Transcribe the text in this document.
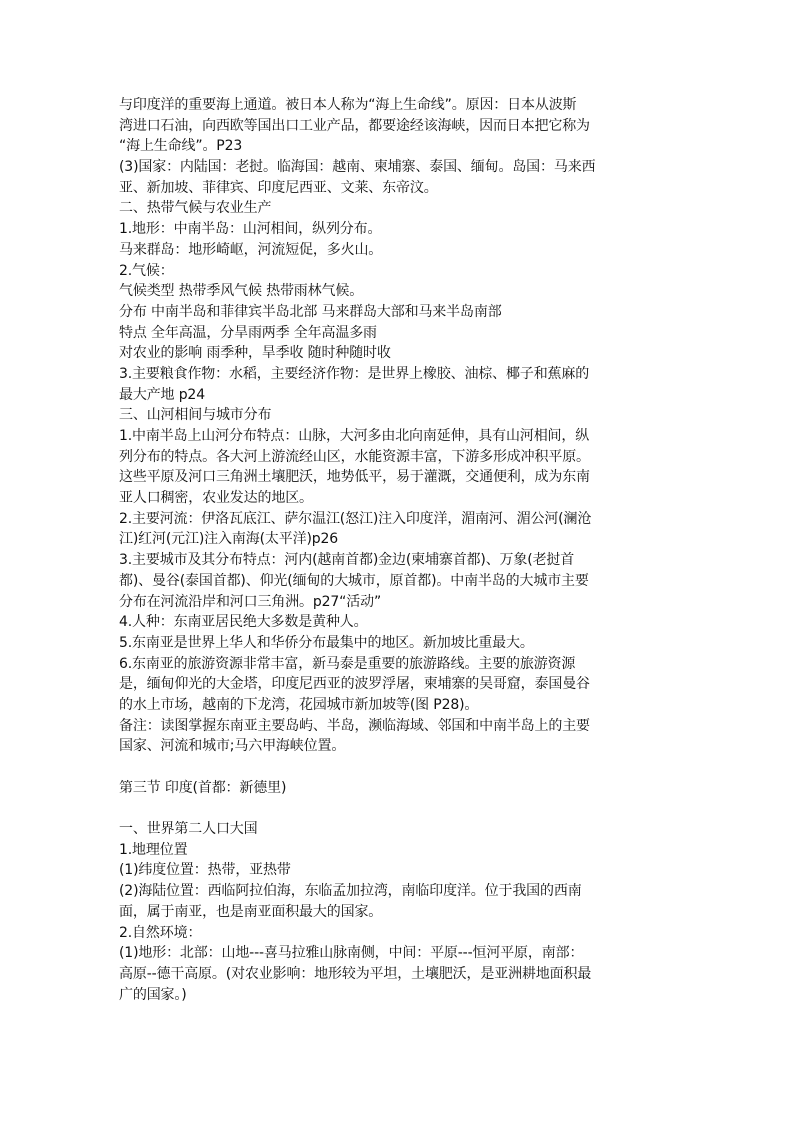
与印度洋的重要海上通道。被日本人称为“海上生命线”。原因：日本从波斯
湾进口石油，向西欧等国出口工业产品，都要途经该海峡，因而日本把它称为
“海上生命线”。P23
(3)国家：内陆国：老挝。临海国：越南、柬埔寨、泰国、缅甸。岛国：马来西
亚、新加坡、菲律宾、印度尼西亚、文莱、东帝汶。
二、热带气候与农业生产
1.地形：中南半岛：山河相间，纵列分布。
马来群岛：地形崎岖，河流短促，多火山。
2.气候：
气候类型 热带季风气候 热带雨林气候。
分布 中南半岛和菲律宾半岛北部 马来群岛大部和马来半岛南部
特点 全年高温，分旱雨两季 全年高温多雨
对农业的影响 雨季种，旱季收 随时种随时收
3.主要粮食作物：水稻，主要经济作物：是世界上橡胶、油棕、椰子和蕉麻的
最大产地 p24
三、山河相间与城市分布
1.中南半岛上山河分布特点：山脉，大河多由北向南延伸，具有山河相间，纵
列分布的特点。各大河上游流经山区，水能资源丰富，下游多形成冲积平原。
这些平原及河口三角洲土壤肥沃，地势低平，易于灌溉，交通便利，成为东南
亚人口稠密，农业发达的地区。
2.主要河流：伊洛瓦底江、萨尔温江(怒江)注入印度洋，湄南河、湄公河(澜沧
江)红河(元江)注入南海(太平洋)p26
3.主要城市及其分布特点：河内(越南首都)金边(柬埔寨首都)、万象(老挝首
都)、曼谷(泰国首都)、仰光(缅甸的大城市，原首都)。中南半岛的大城市主要
分布在河流沿岸和河口三角洲。p27“活动”
4.人种：东南亚居民绝大多数是黄种人。
5.东南亚是世界上华人和华侨分布最集中的地区。新加坡比重最大。
6.东南亚的旅游资源非常丰富，新马泰是重要的旅游路线。主要的旅游资源
是，缅甸仰光的大金塔，印度尼西亚的波罗浮屠，柬埔寨的吴哥窟，泰国曼谷
的水上市场，越南的下龙湾，花园城市新加坡等(图 P28)。
备注：读图掌握东南亚主要岛屿、半岛，濒临海域、邻国和中南半岛上的主要
国家、河流和城市;马六甲海峡位置。
第三节 印度(首都：新德里)
一、世界第二人口大国
1.地理位置
(1)纬度位置：热带，亚热带
(2)海陆位置：西临阿拉伯海，东临孟加拉湾，南临印度洋。位于我国的西南
面，属于南亚，也是南亚面积最大的国家。
2.自然环境：
(1)地形：北部：山地---喜马拉雅山脉南侧，中间：平原---恒河平原，南部：
高原--德干高原。(对农业影响：地形较为平坦，土壤肥沃，是亚洲耕地面积最
广的国家。)
